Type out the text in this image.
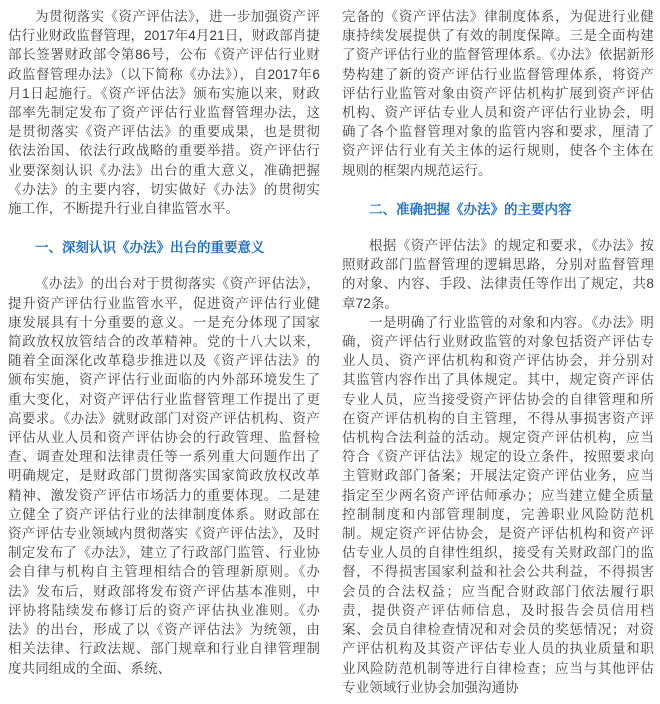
为贯彻落实《资产评估法》，进一步加强资产评估行业财政监督管理，2017年4月21日，财政部肖捷部长签署财政部令第86号，公布《资产评估行业财政监督管理办法》（以下简称《办法》），自2017年6月1日起施行。《资产评估法》颁布实施以来，财政部率先制定发布了资产评估行业监督管理办法，这是贯彻落实《资产评估法》的重要成果，也是贯彻依法治国、依法行政战略的重要举措。资产评估行业要深刻认识《办法》出台的重大意义，准确把握《办法》的主要内容，切实做好《办法》的贯彻实施工作，不断提升行业自律监管水平。

一、深刻认识《办法》出台的重要意义

《办法》的出台对于贯彻落实《资产评估法》，提升资产评估行业监管水平，促进资产评估行业健康发展具有十分重要的意义。一是充分体现了国家简政放权放管结合的改革精神。党的十八大以来，随着全面深化改革稳步推进以及《资产评估法》的颁布实施，资产评估行业面临的内外部环境发生了重大变化，对资产评估行业监督管理工作提出了更高要求。《办法》就财政部门对资产评估机构、资产评估从业人员和资产评估协会的行政管理、监督检查、调查处理和法律责任等一系列重大问题作出了明确规定，是财政部门贯彻落实国家简政放权改革精神、激发资产评估市场活力的重要体现。二是建立健全了资产评估行业的法律制度体系。财政部在资产评估专业领域内贯彻落实《资产评估法》，及时制定发布了《办法》，建立了行政部门监管、行业协会自律与机构自主管理相结合的管理新原则。《办法》发布后，财政部将发布资产评估基本准则，中评协将陆续发布修订后的资产评估执业准则。《办法》的出台，形成了以《资产评估法》为统领，由相关法律、行政法规、部门规章和行业自律管理制度共同组成的全面、系统、

完备的《资产评估法》律制度体系，为促进行业健康持续发展提供了有效的制度保障。三是全面构建了资产评估行业的监督管理体系。《办法》依据新形势构建了新的资产评估行业监督管理体系，将资产评估行业监管对象由资产评估机构扩展到资产评估机构、资产评估专业人员和资产评估行业协会，明确了各个监督管理对象的监管内容和要求，厘清了资产评估行业有关主体的运行规则，使各个主体在规则的框架内规范运行。

二、准确把握《办法》的主要内容

根据《资产评估法》的规定和要求，《办法》按照财政部门监督管理的逻辑思路，分别对监督管理的对象、内容、手段、法律责任等作出了规定，共8章72条。

一是明确了行业监管的对象和内容。《办法》明确，资产评估行业财政监管的对象包括资产评估专业人员、资产评估机构和资产评估协会，并分别对其监管内容作出了具体规定。其中，规定资产评估专业人员，应当接受资产评估协会的自律管理和所在资产评估机构的自主管理，不得从事损害资产评估机构合法利益的活动。规定资产评估机构，应当符合《资产评估法》规定的设立条件，按照要求向主管财政部门备案；开展法定资产评估业务，应当指定至少两名资产评估师承办；应当建立健全质量控制制度和内部管理制度，完善职业风险防范机制。规定资产评估协会，是资产评估机构和资产评估专业人员的自律性组织，接受有关财政部门的监督，不得损害国家利益和社会公共利益，不得损害会员的合法权益；应当配合财政部门依法履行职责，提供资产评估师信息，及时报告会员信用档案、会员自律检查情况和对会员的奖惩情况；对资产评估机构及其资产评估专业人员的执业质量和职业风险防范机制等进行自律检查；应当与其他评估专业领域行业协会加强沟通协
